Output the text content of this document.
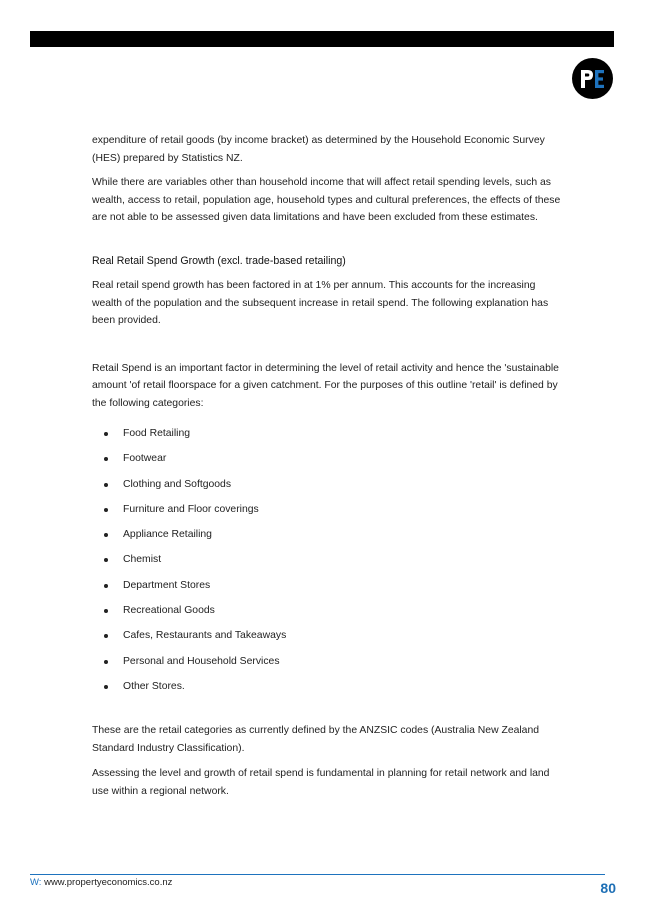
expenditure of retail goods (by income bracket) as determined by the Household Economic Survey (HES) prepared by Statistics NZ.

While there are variables other than household income that will affect retail spending levels, such as wealth, access to retail, population age, household types and cultural preferences, the effects of these are not able to be assessed given data limitations and have been excluded from these estimates.

Real Retail Spend Growth (excl. trade-based retailing)

Real retail spend growth has been factored in at 1% per annum. This accounts for the increasing wealth of the population and the subsequent increase in retail spend. The following explanation has been provided.

Retail Spend is an important factor in determining the level of retail activity and hence the 'sustainable amount 'of retail floorspace for a given catchment. For the purposes of this outline 'retail' is defined by the following categories:

Food Retailing
Footwear
Clothing and Softgoods
Furniture and Floor coverings
Appliance Retailing
Chemist
Department Stores
Recreational Goods
Cafes, Restaurants and Takeaways
Personal and Household Services
Other Stores.

These are the retail categories as currently defined by the ANZSIC codes (Australia New Zealand Standard Industry Classification).

Assessing the level and growth of retail spend is fundamental in planning for retail network and land use within a regional network.

W: www.propertyeconomics.co.nz	80
